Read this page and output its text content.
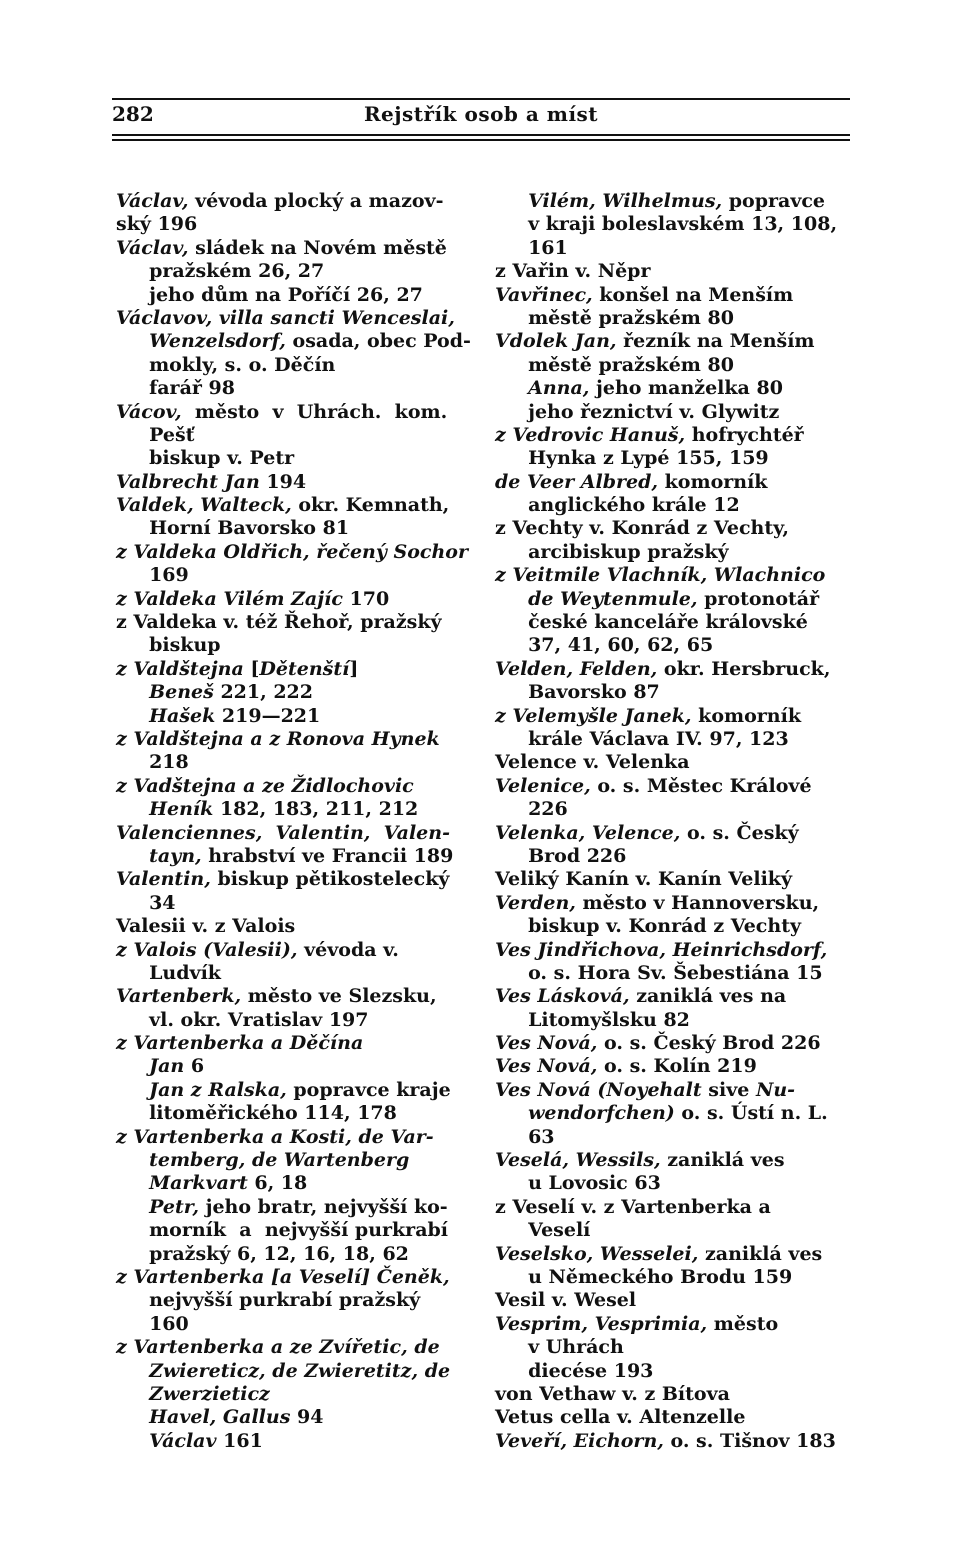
282	Rejstřík osob a míst
Václav, vévoda plocký a mazov-
ský 196
Václav, sládek na Novém městě
pražském 26, 27
jeho dům na Poříčí 26, 27
Václavov, villa sancti Wenceslai,
Wenzelsdorf, osada, obec Pod-
mokly, s. o. Děčín
farář 98
Vácov,  město  v  Uhrách.  kom.
Pešť
biskup v. Petr
Valbrecht Jan 194
Valdek, Walteck, okr. Kemnath,
Horní Bavorsko 81
z Valdeka Oldřich, řečený Sochor
169
z Valdeka Vilém Zajíc 170
z Valdeka v. též Řehoř, pražský
biskup
z Valdštejna [Dětenští]
Beneš 221, 222
Hašek 219—221
z Valdštejna a z Ronova Hynek
218
z Vadštejna a ze Židlochovic
Heník 182, 183, 211, 212
Valenciennes,  Valentin,  Valen-
tayn, hrabství ve Francii 189
Valentin, biskup pětikostelecký
34
Valesii v. z Valois
z Valois (Valesii), vévoda v.
Ludvík
Vartenberk, město ve Slezsku,
vl. okr. Vratislav 197
z Vartenberka a Děčína
Jan 6
Jan z Ralska, popravce kraje
litoměřického 114, 178
z Vartenberka a Kosti, de Var-
temberg, de Wartenberg
Markvart 6, 18
Petr, jeho bratr, nejvyšší ko-
morník  a  nejvyšší purkrabí
pražský 6, 12, 16, 18, 62
z Vartenberka [a Veselí] Čeněk,
nejvyšší purkrabí pražský
160
z Vartenberka a ze Zvířetic, de
Zwiereticz, de Zwieretitz, de
Zwerzieticz
Havel, Gallus 94
Václav 161
Vilém, Wilhelmus, popravce
v kraji boleslavském 13, 108,
161
z Vařin v. Něpr
Vavřinec, konšel na Menším
městě pražském 80
Vdolek Jan, řezník na Menším
městě pražském 80
Anna, jeho manželka 80
jeho řeznictví v. Glywitz
z Vedrovic Hanuš, hofrychtéř
Hynka z Lypé 155, 159
de Veer Albred, komorník
anglického krále 12
z Vechty v. Konrád z Vechty,
arcibiskup pražský
z Veitmile Vlachník, Wlachnico
de Weytenmule, protonotář
české kanceláře královské
37, 41, 60, 62, 65
Velden, Felden, okr. Hersbruck,
Bavorsko 87
z Velemyšle Janek, komorník
krále Václava IV. 97, 123
Velence v. Velenka
Velenice, o. s. Městec Králové
226
Velenka, Velence, o. s. Český
Brod 226
Veliký Kanín v. Kanín Veliký
Verden, město v Hannoversku,
biskup v. Konrád z Vechty
Ves Jindřichova, Heinrichsdorf,
o. s. Hora Sv. Šebestiána 15
Ves Lásková, zaniklá ves na
Litomyšlsku 82
Ves Nová, o. s. Český Brod 226
Ves Nová, o. s. Kolín 219
Ves Nová (Noyehalt sive Nu-
wendorfchen) o. s. Ústí n. L.
63
Veselá, Wessils, zaniklá ves
u Lovosic 63
z Veselí v. z Vartenberka a
Veselí
Veselsko, Wesselei, zaniklá ves
u Německého Brodu 159
Vesil v. Wesel
Vesprim, Vesprimia, město
v Uhrách
diecése 193
von Vethaw v. z Bítova
Vetus cella v. Altenzelle
Veveří, Eichorn, o. s. Tišnov 183
